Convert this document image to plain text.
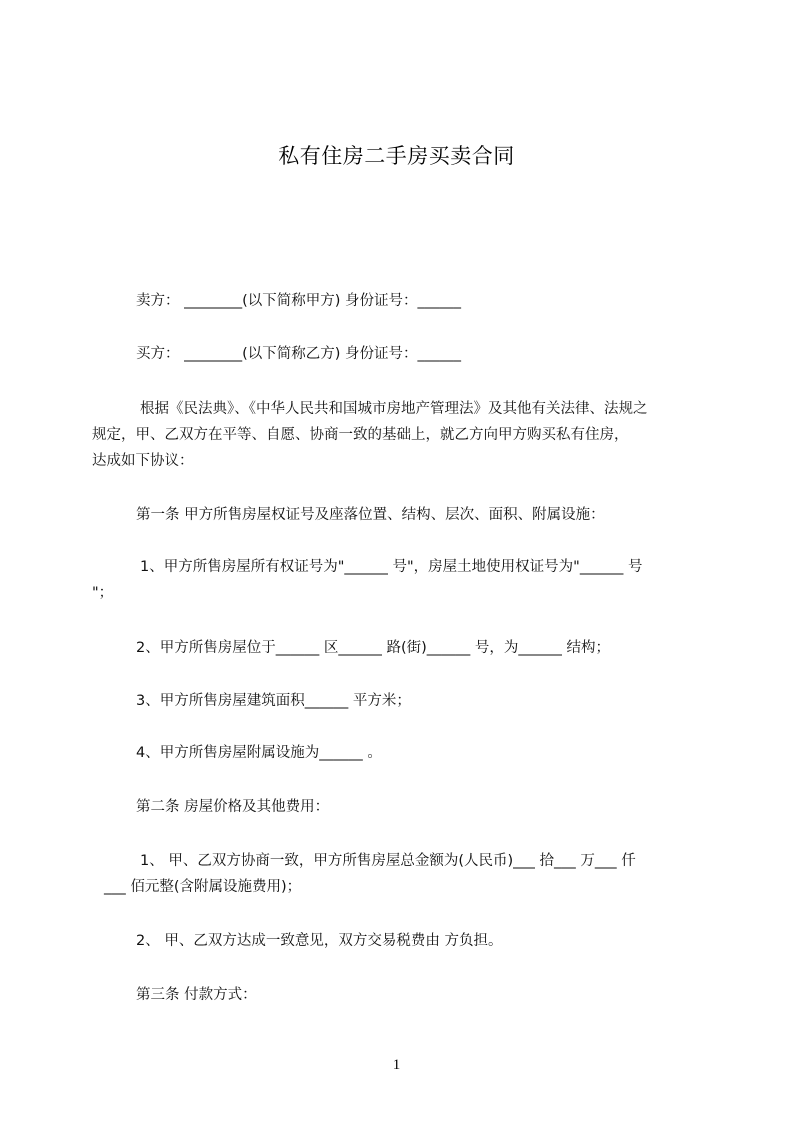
私有住房二手房买卖合同
卖方： ________(以下简称甲方) 身份证号：______
买方： ________(以下简称乙方) 身份证号：______
根据《民法典》、《中华人民共和国城市房地产管理法》及其他有关法律、法规之
规定，甲、乙双方在平等、自愿、协商一致的基础上，就乙方向甲方购买私有住房，
达成如下协议：
第一条 甲方所售房屋权证号及座落位置、结构、层次、面积、附属设施：
1、甲方所售房屋所有权证号为"______ 号"，房屋土地使用权证号为"______ 号
"；
2、甲方所售房屋位于______ 区______ 路(街)______ 号，为______ 结构；
3、甲方所售房屋建筑面积______ 平方米；
4、甲方所售房屋附属设施为______ 。
第二条 房屋价格及其他费用：
1、 甲、乙双方协商一致，甲方所售房屋总金额为(人民币)___ 拾___ 万___ 仟
___ 佰元整(含附属设施费用)；
2、 甲、乙双方达成一致意见，双方交易税费由 方负担。
第三条 付款方式：
1
